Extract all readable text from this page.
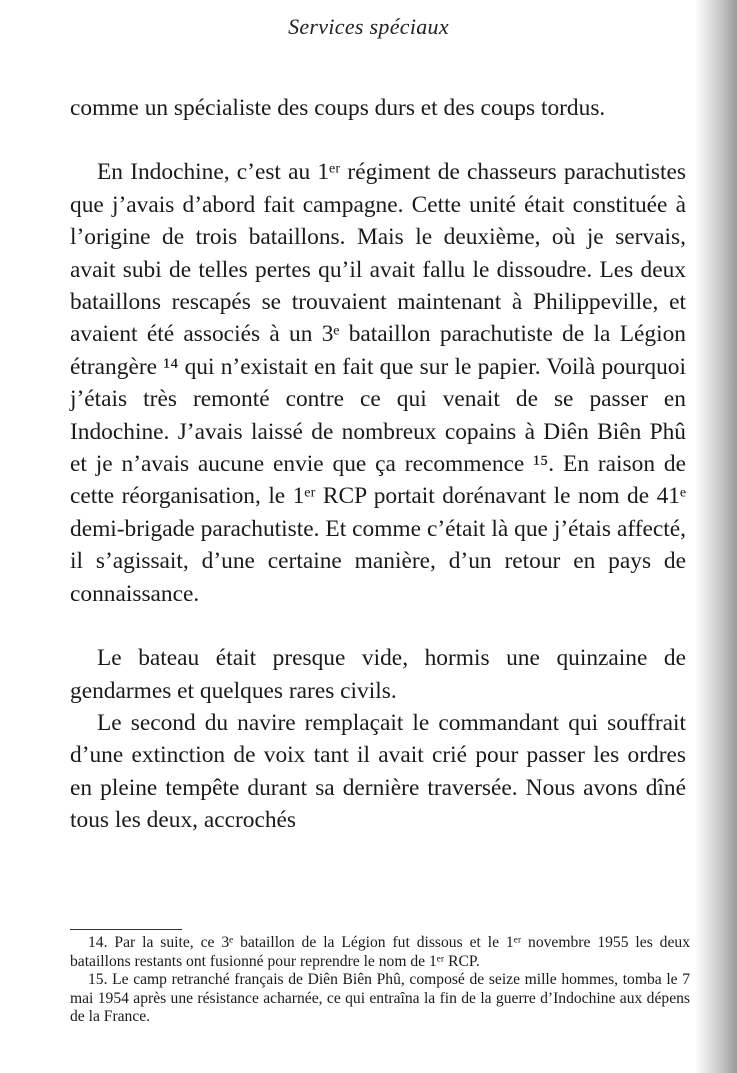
Services spéciaux

comme un spécialiste des coups durs et des coups tordus.

En Indochine, c’est au 1ᵉʳ régiment de chasseurs parachutistes que j’avais d’abord fait campagne. Cette unité était constituée à l’origine de trois bataillons. Mais le deuxième, où je servais, avait subi de telles pertes qu’il avait fallu le dissoudre. Les deux bataillons rescapés se trouvaient maintenant à Philippeville, et avaient été associés à un 3ᵉ bataillon parachutiste de la Légion étrangère ¹⁴ qui n’existait en fait que sur le papier. Voilà pourquoi j’étais très remonté contre ce qui venait de se passer en Indochine. J’avais laissé de nombreux copains à Diên Biên Phû et je n’avais aucune envie que ça recommence ¹⁵. En raison de cette réorganisation, le 1ᵉʳ RCP portait dorénavant le nom de 41ᵉ demi-brigade parachutiste. Et comme c’était là que j’étais affecté, il s’agissait, d’une certaine manière, d’un retour en pays de connaissance.

Le bateau était presque vide, hormis une quinzaine de gendarmes et quelques rares civils.

Le second du navire remplaçait le commandant qui souffrait d’une extinction de voix tant il avait crié pour passer les ordres en pleine tempête durant sa dernière traversée. Nous avons dîné tous les deux, accrochés

14. Par la suite, ce 3ᵉ bataillon de la Légion fut dissous et le 1ᵉʳ novembre 1955 les deux bataillons restants ont fusionné pour reprendre le nom de 1ᵉʳ RCP.

15. Le camp retranché français de Diên Biên Phû, composé de seize mille hommes, tomba le 7 mai 1954 après une résistance acharnée, ce qui entraîna la fin de la guerre d’Indochine aux dépens de la France.
